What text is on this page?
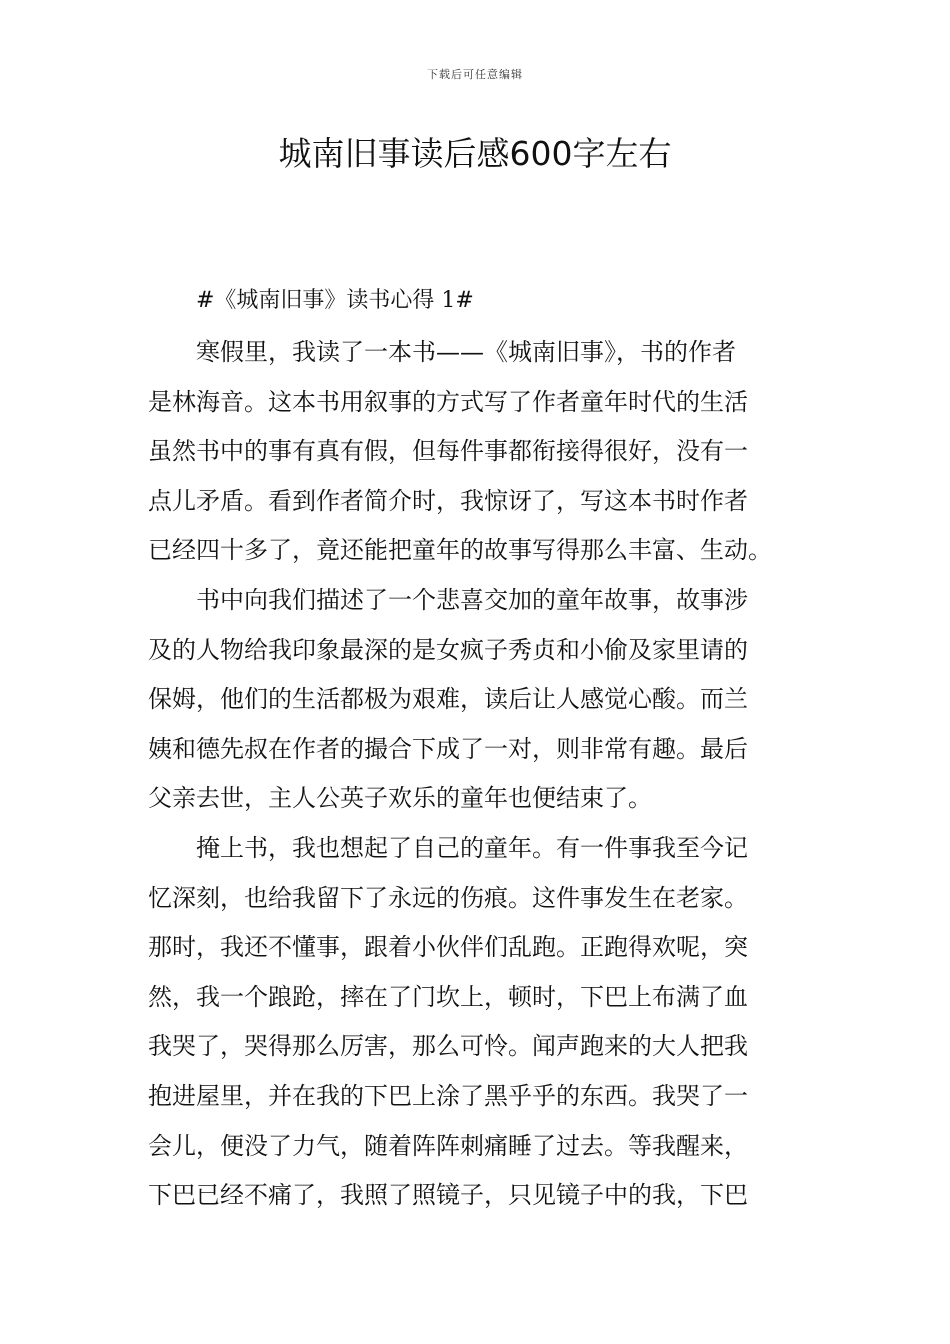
下载后可任意编辑
城南旧事读后感600字左右
#《城南旧事》读书心得 1#
寒假里，我读了一本书——《城南旧事》，书的作者
是林海音。这本书用叙事的方式写了作者童年时代的生活
虽然书中的事有真有假，但每件事都衔接得很好，没有一
点儿矛盾。看到作者简介时，我惊讶了，写这本书时作者
已经四十多了，竟还能把童年的故事写得那么丰富、生动。
书中向我们描述了一个悲喜交加的童年故事，故事涉
及的人物给我印象最深的是女疯子秀贞和小偷及家里请的
保姆，他们的生活都极为艰难，读后让人感觉心酸。而兰
姨和德先叔在作者的撮合下成了一对，则非常有趣。最后
父亲去世，主人公英子欢乐的童年也便结束了。
掩上书，我也想起了自己的童年。有一件事我至今记
忆深刻，也给我留下了永远的伤痕。这件事发生在老家。
那时，我还不懂事，跟着小伙伴们乱跑。正跑得欢呢，突
然，我一个踉跄，摔在了门坎上，顿时，下巴上布满了血
我哭了，哭得那么厉害，那么可怜。闻声跑来的大人把我
抱进屋里，并在我的下巴上涂了黑乎乎的东西。我哭了一
会儿，便没了力气，随着阵阵刺痛睡了过去。等我醒来，
下巴已经不痛了，我照了照镜子，只见镜子中的我，下巴
